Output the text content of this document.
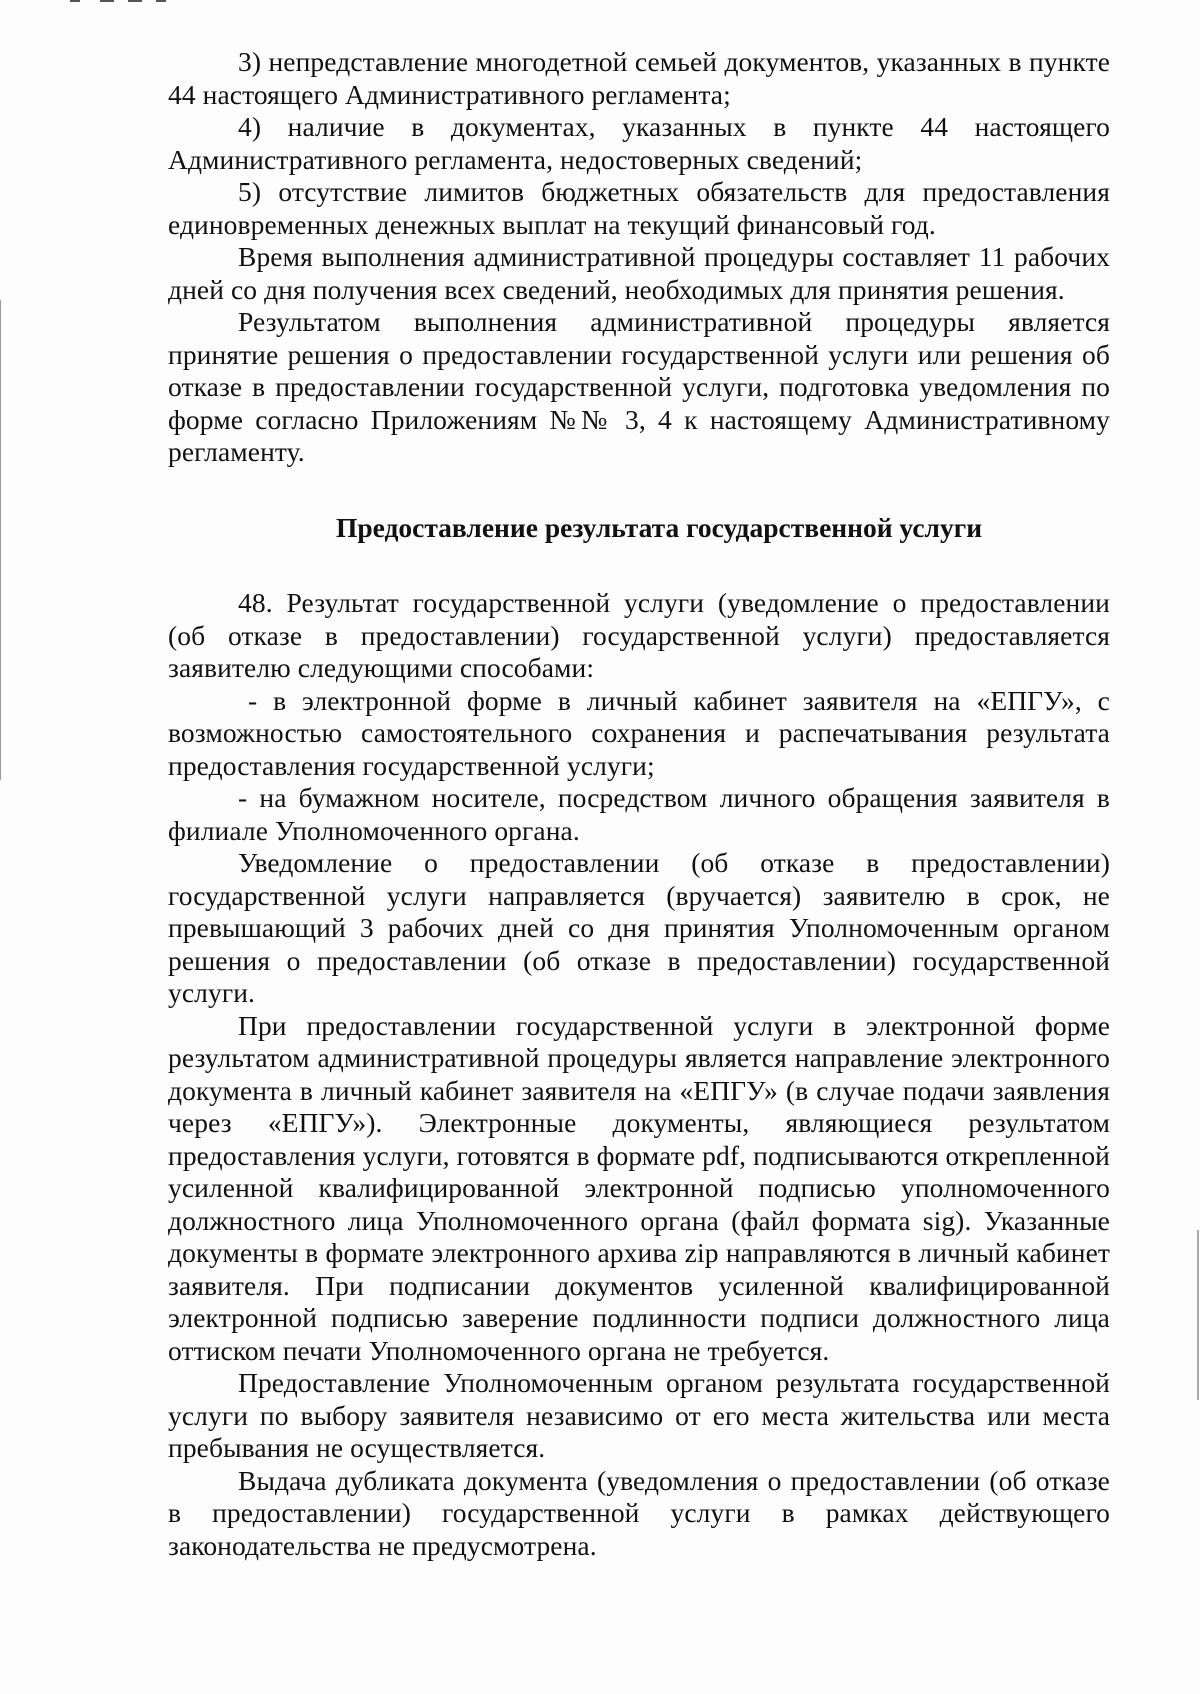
3) непредставление многодетной семьей документов, указанных в пункте 44 настоящего Административного регламента;

4) наличие в документах, указанных в пункте 44 настоящего Административного регламента, недостоверных сведений;

5) отсутствие лимитов бюджетных обязательств для предоставления единовременных денежных выплат на текущий финансовый год.

Время выполнения административной процедуры составляет 11 рабочих дней со дня получения всех сведений, необходимых для принятия решения.

Результатом выполнения административной процедуры является принятие решения о предоставлении государственной услуги или решения об отказе в предоставлении государственной услуги, подготовка уведомления по форме согласно Приложениям №№ 3, 4 к настоящему Административному регламенту.

Предоставление результата государственной услуги

48. Результат государственной услуги (уведомление о предоставлении (об отказе в предоставлении) государственной услуги) предоставляется заявителю следующими способами:

- в электронной форме в личный кабинет заявителя на «ЕПГУ», с возможностью самостоятельного сохранения и распечатывания результата предоставления государственной услуги;

- на бумажном носителе, посредством личного обращения заявителя в филиале Уполномоченного органа.

Уведомление о предоставлении (об отказе в предоставлении) государственной услуги направляется (вручается) заявителю в срок, не превышающий 3 рабочих дней со дня принятия Уполномоченным органом решения о предоставлении (об отказе в предоставлении) государственной услуги.

При предоставлении государственной услуги в электронной форме результатом административной процедуры является направление электронного документа в личный кабинет заявителя на «ЕПГУ» (в случае подачи заявления через «ЕПГУ»). Электронные документы, являющиеся результатом предоставления услуги, готовятся в формате pdf, подписываются открепленной усиленной квалифицированной электронной подписью уполномоченного должностного лица Уполномоченного органа (файл формата sig). Указанные документы в формате электронного архива zip направляются в личный кабинет заявителя. При подписании документов усиленной квалифицированной электронной подписью заверение подлинности подписи должностного лица оттиском печати Уполномоченного органа не требуется.

Предоставление Уполномоченным органом результата государственной услуги по выбору заявителя независимо от его места жительства или места пребывания не осуществляется.

Выдача дубликата документа (уведомления о предоставлении (об отказе в предоставлении) государственной услуги в рамках действующего законодательства не предусмотрена.
